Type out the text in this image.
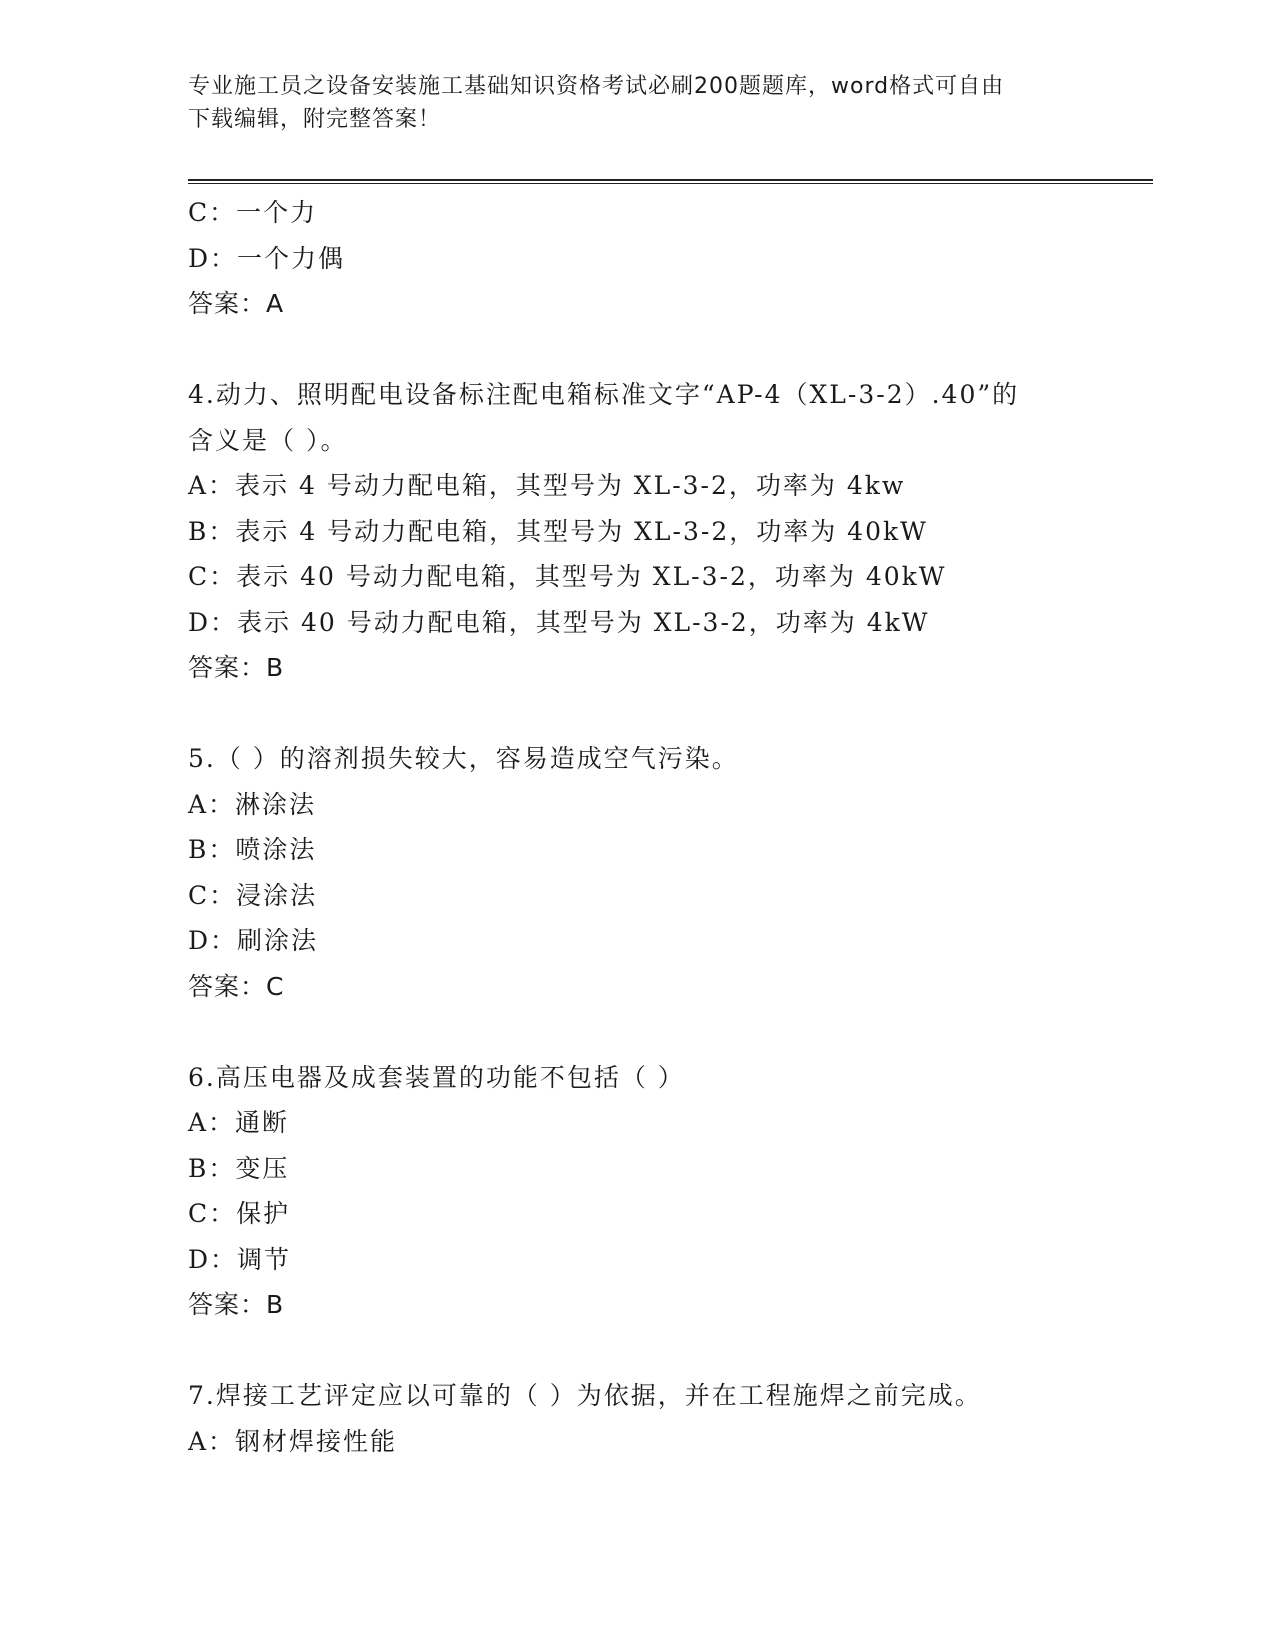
专业施工员之设备安装施工基础知识资格考试必刷200题题库，word格式可自由
下载编辑，附完整答案！
C：一个力
D：一个力偶
答案：A
4.动力、照明配电设备标注配电箱标准文字“AP-4（XL-3-2）.40”的
含义是（ ）。
A：表示 4 号动力配电箱，其型号为 XL-3-2，功率为 4kw
B：表示 4 号动力配电箱，其型号为 XL-3-2，功率为 40kW
C：表示 40 号动力配电箱，其型号为 XL-3-2，功率为 40kW
D：表示 40 号动力配电箱，其型号为 XL-3-2，功率为 4kW
答案：B
5.（ ）的溶剂损失较大，容易造成空气污染。
A：淋涂法
B：喷涂法
C：浸涂法
D：刷涂法
答案：C
6.高压电器及成套装置的功能不包括（ ）
A：通断
B：变压
C：保护
D：调节
答案：B
7.焊接工艺评定应以可靠的（ ）为依据，并在工程施焊之前完成。
A：钢材焊接性能
